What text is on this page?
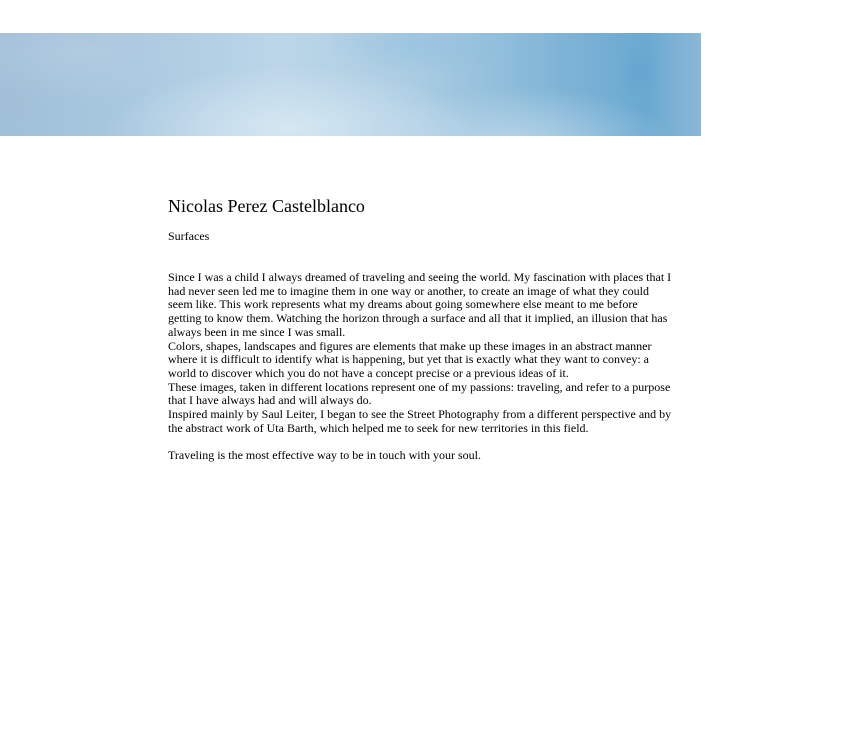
Nicolas Perez Castelblanco
Surfaces

Since I was a child I always dreamed of traveling and seeing the world. My fascination with places that I had never seen led me to imagine them in one way or another, to create an image of what they could seem like. This work represents what my dreams about going somewhere else meant to me before getting to know them. Watching the horizon through a surface and all that it implied, an illusion that has always been in me since I was small.

Colors, shapes, landscapes and figures are elements that make up these images in an abstract manner where it is difficult to identify what is happening, but yet that is exactly what they want to convey: a world to discover which you do not have a concept precise or a previous ideas of it.

These images, taken in different locations represent one of my passions: traveling, and refer to a purpose that I have always had and will always do.

Inspired mainly by Saul Leiter, I began to see the Street Photography from a different perspective and by the abstract work of Uta Barth, which helped me to seek for new territories in this field.

Traveling is the most effective way to be in touch with your soul.
